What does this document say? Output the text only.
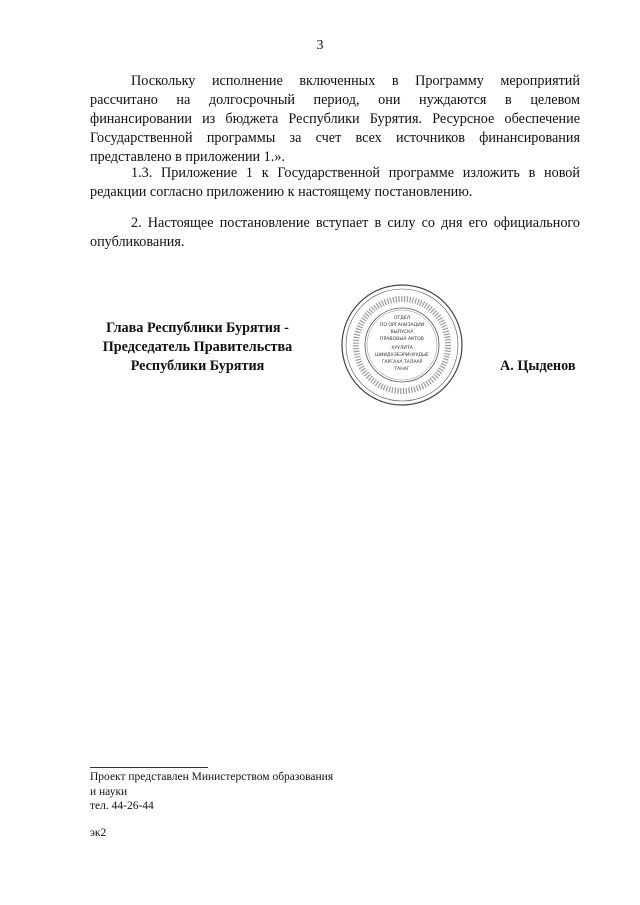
3

Поскольку исполнение включенных в Программу мероприятий рассчитано на долгосрочный период, они нуждаются в целевом финансировании из бюджета Республики Бурятия. Ресурсное обеспечение Государственной программы за счет всех источников финансирования представлено в приложении 1.».

1.3. Приложение 1 к Государственной программе изложить в новой редакции согласно приложению к настоящему постановлению.

2. Настоящее постановление вступает в силу со дня его официального опубликования.

Глава Республики Бурятия -
Председатель Правительства
Республики Бурятия
ОТДЕЛ
ПО ОРГАНИЗАЦИИ
ВЫПУСКА
ПРАВОВЫХ АКТОВ
ХУУЛИТА
ШИИДХЭБЭРИНУУДЫЕ
ГАРГАХА ТАЛААР
ТАНАГ	А. Цыденов
Проект представлен Министерством образования
и науки
тел. 44-26-44
эк2
